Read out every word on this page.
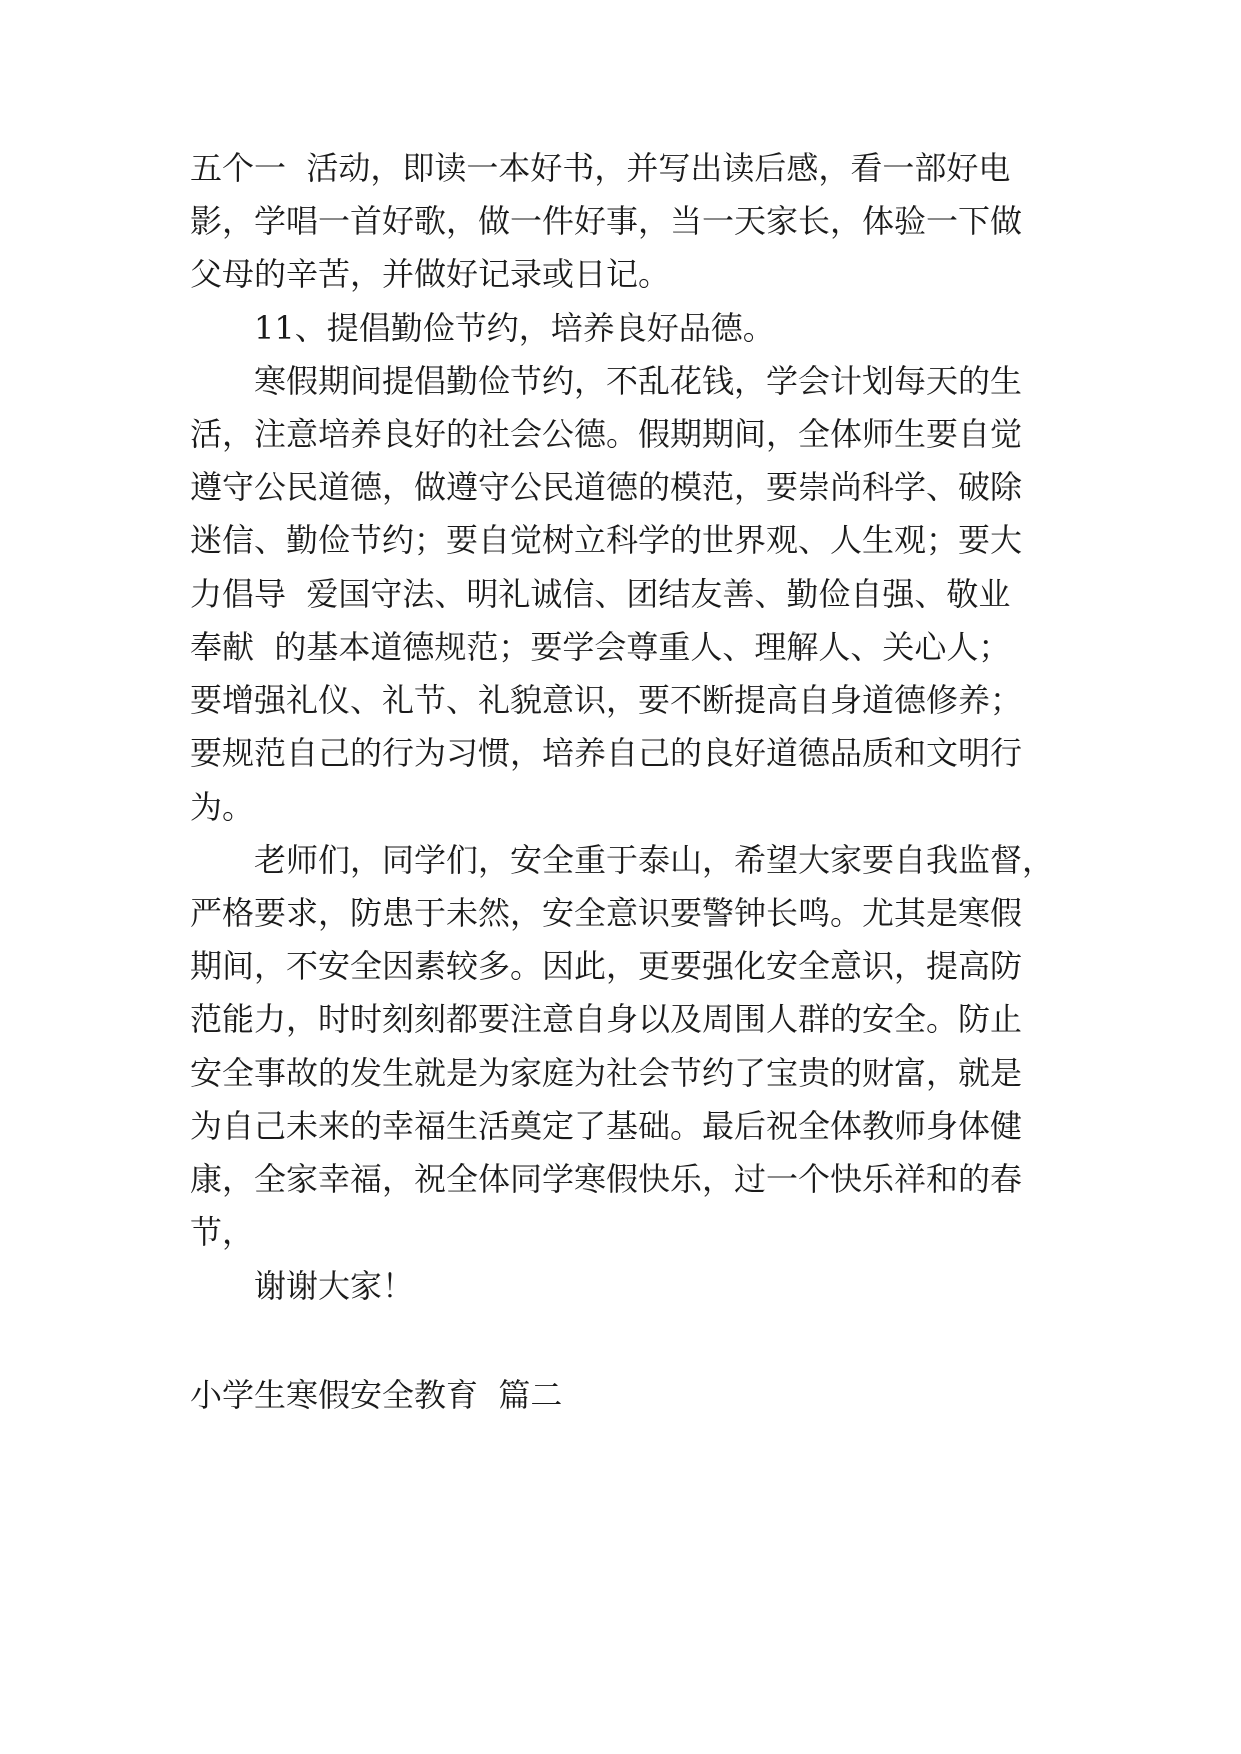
五个一  活动，即读一本好书，并写出读后感，看一部好电
影，学唱一首好歌，做一件好事，当一天家长，体验一下做
父母的辛苦，并做好记录或日记。
11、提倡勤俭节约，培养良好品德。
寒假期间提倡勤俭节约，不乱花钱，学会计划每天的生
活，注意培养良好的社会公德。假期期间，全体师生要自觉
遵守公民道德，做遵守公民道德的模范，要崇尚科学、破除
迷信、勤俭节约；要自觉树立科学的世界观、人生观；要大
力倡导  爱国守法、明礼诚信、团结友善、勤俭自强、敬业
奉献  的基本道德规范；要学会尊重人、理解人、关心人；
要增强礼仪、礼节、礼貌意识，要不断提高自身道德修养；
要规范自己的行为习惯，培养自己的良好道德品质和文明行
为。
老师们，同学们，安全重于泰山，希望大家要自我监督，
严格要求，防患于未然，安全意识要警钟长鸣。尤其是寒假
期间，不安全因素较多。因此，更要强化安全意识，提高防
范能力，时时刻刻都要注意自身以及周围人群的安全。防止
安全事故的发生就是为家庭为社会节约了宝贵的财富，就是
为自己未来的幸福生活奠定了基础。最后祝全体教师身体健
康，全家幸福，祝全体同学寒假快乐，过一个快乐祥和的春
节，
谢谢大家！
小学生寒假安全教育  篇二
